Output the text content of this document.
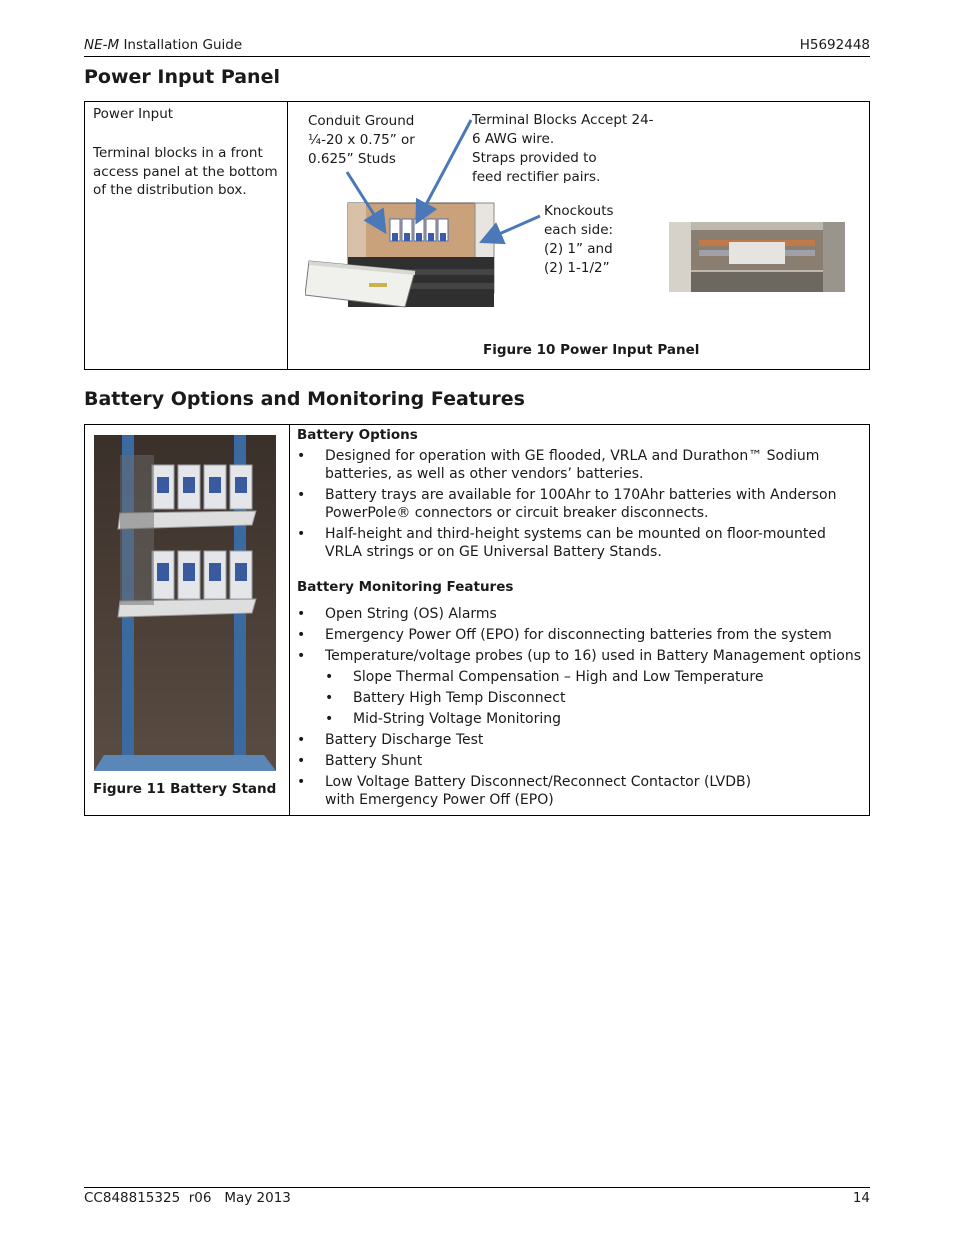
NE-M Installation Guide	H5692448
Power Input Panel
Power Input
Terminal blocks in a front access panel at the bottom of the distribution box.
Conduit Ground
¼-20 x 0.75” or
0.625” Studs
Terminal Blocks Accept 24-
6 AWG wire.
Straps provided to
feed rectifier pairs.
Knockouts
each side:
(2) 1” and
(2) 1-1/2”
Figure 10 Power Input Panel
Battery Options and Monitoring Features
Figure 11 Battery Stand
Battery Options
• Designed for operation with GE flooded, VRLA and Durathon™ Sodium batteries, as well as other vendors’ batteries.
• Battery trays are available for 100Ahr to 170Ahr batteries with Anderson PowerPole® connectors or circuit breaker disconnects.
• Half-height and third-height systems can be mounted on floor-mounted VRLA strings or on GE Universal Battery Stands.
Battery Monitoring Features
• Open String (OS) Alarms
• Emergency Power Off (EPO) for disconnecting batteries from the system
• Temperature/voltage probes (up to 16) used in Battery Management options
• Slope Thermal Compensation – High and Low Temperature
• Battery High Temp Disconnect
• Mid-String Voltage Monitoring
• Battery Discharge Test
• Battery Shunt
• Low Voltage Battery Disconnect/Reconnect Contactor (LVDB)
with Emergency Power Off (EPO)
CC848815325  r06   May 2013	14
